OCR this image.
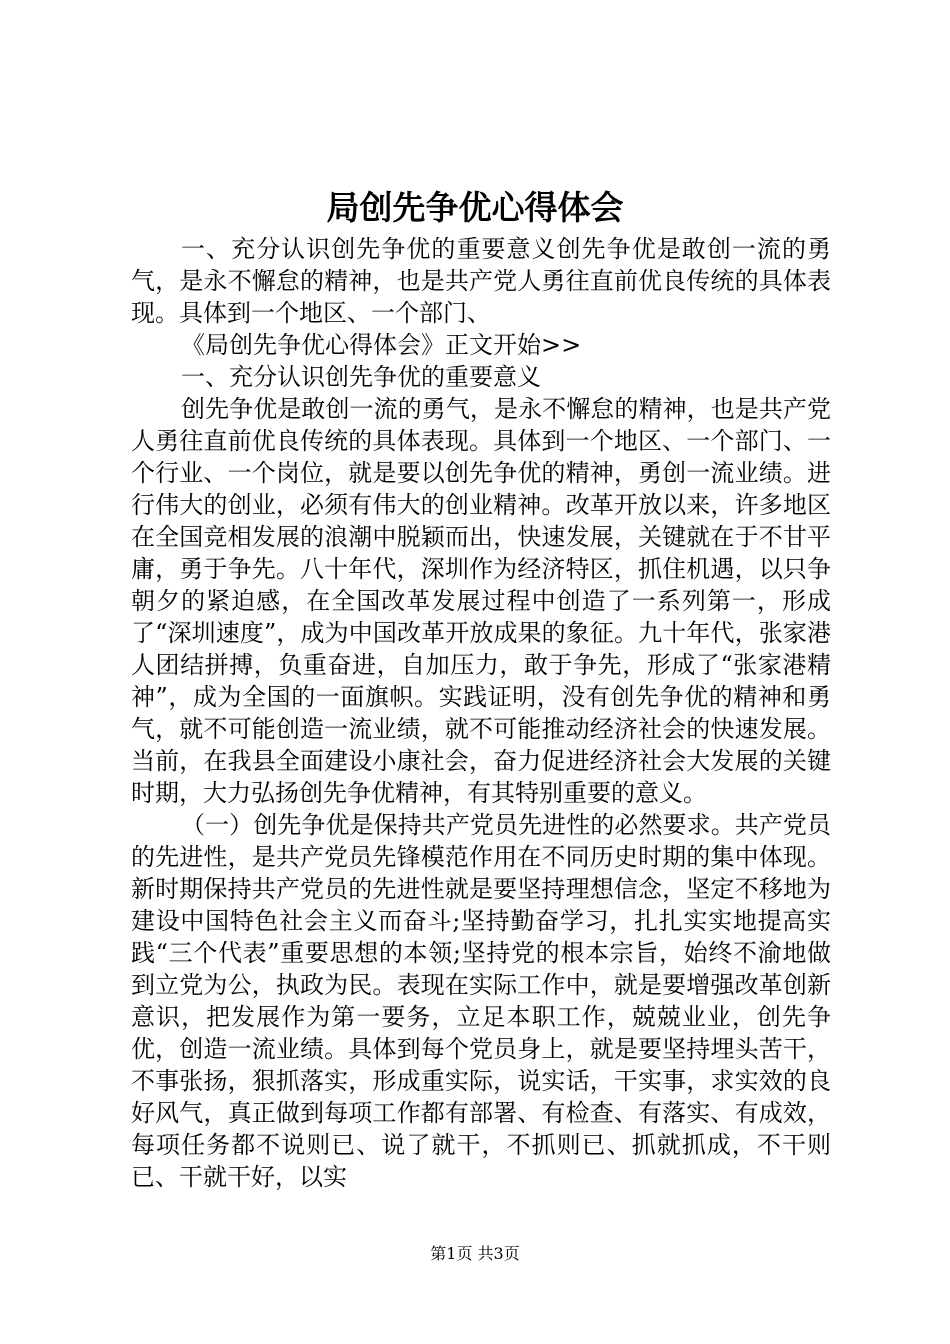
局创先争优心得体会

一、充分认识创先争优的重要意义创先争优是敢创一流的勇气，是永不懈怠的精神，也是共产党人勇往直前优良传统的具体表现。具体到一个地区、一个部门、

《局创先争优心得体会》正文开始>>

一、充分认识创先争优的重要意义

创先争优是敢创一流的勇气，是永不懈怠的精神，也是共产党人勇往直前优良传统的具体表现。具体到一个地区、一个部门、一个行业、一个岗位，就是要以创先争优的精神，勇创一流业绩。进行伟大的创业，必须有伟大的创业精神。改革开放以来，许多地区在全国竞相发展的浪潮中脱颖而出，快速发展，关键就在于不甘平庸，勇于争先。八十年代，深圳作为经济特区，抓住机遇，以只争朝夕的紧迫感，在全国改革发展过程中创造了一系列第一，形成了“深圳速度”，成为中国改革开放成果的象征。九十年代，张家港人团结拼搏，负重奋进，自加压力，敢于争先，形成了“张家港精神”，成为全国的一面旗帜。实践证明，没有创先争优的精神和勇气，就不可能创造一流业绩，就不可能推动经济社会的快速发展。当前，在我县全面建设小康社会，奋力促进经济社会大发展的关键时期，大力弘扬创先争优精神，有其特别重要的意义。

（一）创先争优是保持共产党员先进性的必然要求。共产党员的先进性，是共产党员先锋模范作用在不同历史时期的集中体现。新时期保持共产党员的先进性就是要坚持理想信念，坚定不移地为建设中国特色社会主义而奋斗;坚持勤奋学习，扎扎实实地提高实践“三个代表”重要思想的本领;坚持党的根本宗旨，始终不渝地做到立党为公，执政为民。表现在实际工作中，就是要增强改革创新意识，把发展作为第一要务，立足本职工作，兢兢业业，创先争优，创造一流业绩。具体到每个党员身上，就是要坚持埋头苦干，不事张扬，狠抓落实，形成重实际，说实话，干实事，求实效的良好风气，真正做到每项工作都有部署、有检查、有落实、有成效，每项任务都不说则已、说了就干，不抓则已、抓就抓成，不干则已、干就干好，以实

第1页 共3页
